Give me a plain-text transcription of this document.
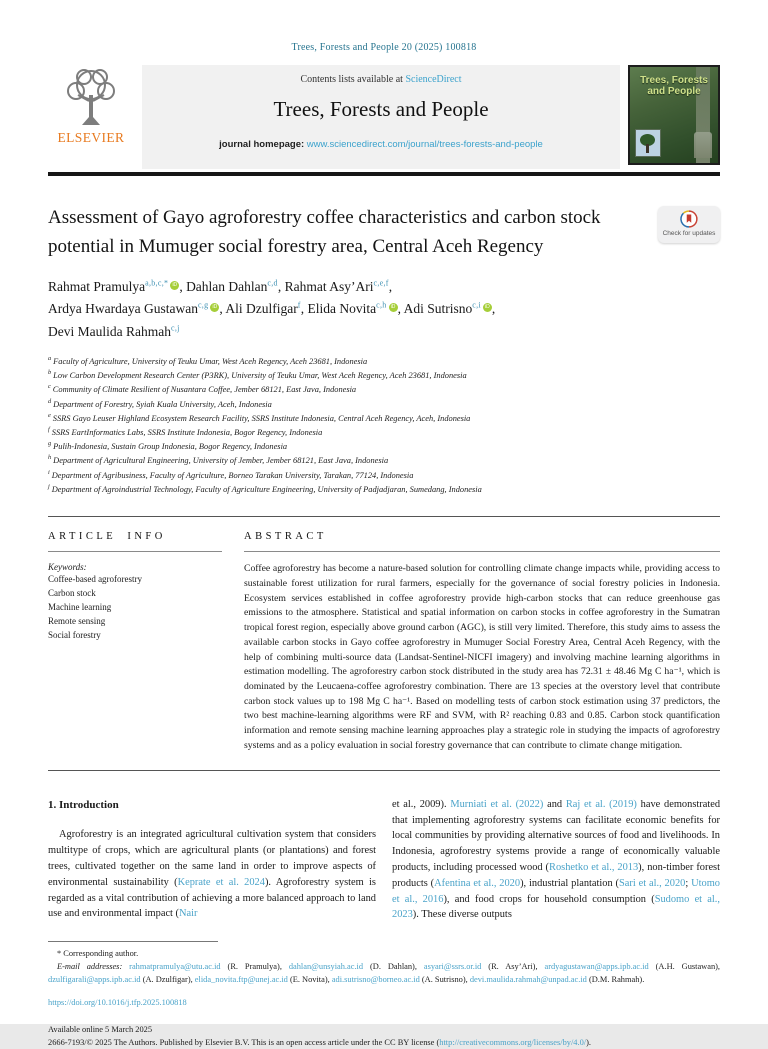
Trees, Forests and People 20 (2025) 100818
ELSEVIER
Contents lists available at ScienceDirect
Trees, Forests and People
journal homepage: www.sciencedirect.com/journal/trees-forests-and-people
Trees, Forests and People
Assessment of Gayo agroforestry coffee characteristics and carbon stock potential in Mumuger social forestry area, Central Aceh Regency
Check for updates
Rahmat Pramulya$^{a,b,c,*}$ iD , Dahlan Dahlan$^{c,d}$, Rahmat Asy’Ari$^{c,e,f}$,
Ardya Hwardaya Gustawan$^{c,g}$ iD , Ali Dzulfigar$^f$, Elida Novita$^{c,h}$ iD , Adi Sutrisno$^{c,i}$ iD ,
Devi Maulida Rahmah$^{c,j}$
$^a$ Faculty of Agriculture, University of Teuku Umar, West Aceh Regency, Aceh 23681, Indonesia
$^b$ Low Carbon Development Research Center (P3RK), University of Teuku Umar, West Aceh Regency, Aceh 23681, Indonesia
$^c$ Community of Climate Resilient of Nusantara Coffee, Jember 68121, East Java, Indonesia
$^d$ Department of Forestry, Syiah Kuala University, Aceh, Indonesia
$^e$ SSRS Gayo Leuser Highland Ecosystem Research Facility, SSRS Institute Indonesia, Central Aceh Regency, Aceh, Indonesia
$^f$ SSRS EartInformatics Labs, SSRS Institute Indonesia, Bogor Regency, Indonesia
$^g$ Pulih-Indonesia, Sustain Group Indonesia, Bogor Regency, Indonesia
$^h$ Department of Agricultural Engineering, University of Jember, Jember 68121, East Java, Indonesia
$^i$ Department of Agribusiness, Faculty of Agriculture, Borneo Tarakan University, Tarakan, 77124, Indonesia
$^j$ Department of Agroindustrial Technology, Faculty of Agriculture Engineering, University of Padjadjaran, Sumedang, Indonesia
ARTICLE INFO
Keywords:
Coffee-based agroforestry
Carbon stock
Machine learning
Remote sensing
Social forestry
ABSTRACT
Coffee agroforestry has become a nature-based solution for controlling climate change impacts while, providing access to sustainable forest utilization for rural farmers, especially for the governance of social forestry policies in Indonesia. Ecosystem services established in coffee agroforestry provide high-carbon stocks that can reduce greenhouse gas emissions to the atmosphere. Statistical and spatial information on carbon stocks in coffee agroforestry in the Sumatran tropical forest region, especially above ground carbon (AGC), is still very limited. Therefore, this study aims to assess the available carbon stocks in Gayo coffee agroforestry in Mumuger Social Forestry Area, Central Aceh Regency, with the help of combining multi-source data (Landsat-Sentinel-NICFI imagery) and involving machine learning algorithms in estimation modelling. The agroforestry carbon stock distributed in the study area has 72.31 ± 48.46 Mg C ha⁻¹, which is dominated by the Leucaena-coffee agroforestry combination. There are 13 species at the overstory level that contribute carbon stock values up to 198 Mg C ha⁻¹. Based on modelling tests of carbon stock estimation using 37 predictors, the two best machine-learning algorithms were RF and SVM, with R² reaching 0.83 and 0.85. Carbon stock quantification information and remote sensing machine learning approaches play a strategic role in studying the impacts of agroforestry systems and as a policy evaluation in social forestry governance that can contribute to climate change mitigation.

1. Introduction

Agroforestry is an integrated agricultural cultivation system that considers multitype of crops, which are agricultural plants (or plantations) and forest trees, cultivated together on the same land in order to improve aspects of environmental sustainability (Keprate et al. 2024). Agroforestry system is regarded as a vital contribution of achieving a more balanced approach to land use and environmental impact (Nair
et al., 2009). Murniati et al. (2022) and Raj et al. (2019) have demonstrated that implementing agroforestry systems can facilitate economic benefits for local communities by providing alternative sources of food and livelihoods. In Indonesia, agroforestry systems provide a range of economically valuable products, including processed wood (Roshetko et al., 2013), non-timber forest products (Afentina et al., 2020), industrial plantation (Sari et al., 2020; Utomo et al., 2016), and food crops for household consumption (Sudomo et al., 2023). These diverse outputs
* Corresponding author.
E-mail addresses: rahmatpramulya@utu.ac.id (R. Pramulya), dahlan@unsyiah.ac.id (D. Dahlan), asyari@ssrs.or.id (R. Asy’Ari), ardyagustawan@apps.ipb.ac.id (A.H. Gustawan), dzulfigarali@apps.ipb.ac.id (A. Dzulfigar), elida_novita.ftp@unej.ac.id (E. Novita), adi.sutrisno@borneo.ac.id (A. Sutrisno), devi.maulida.rahmah@unpad.ac.id (D.M. Rahmah).
https://doi.org/10.1016/j.tfp.2025.100818
Available online 5 March 2025
2666-7193/© 2025 The Authors. Published by Elsevier B.V. This is an open access article under the CC BY license (http://creativecommons.org/licenses/by/4.0/).
